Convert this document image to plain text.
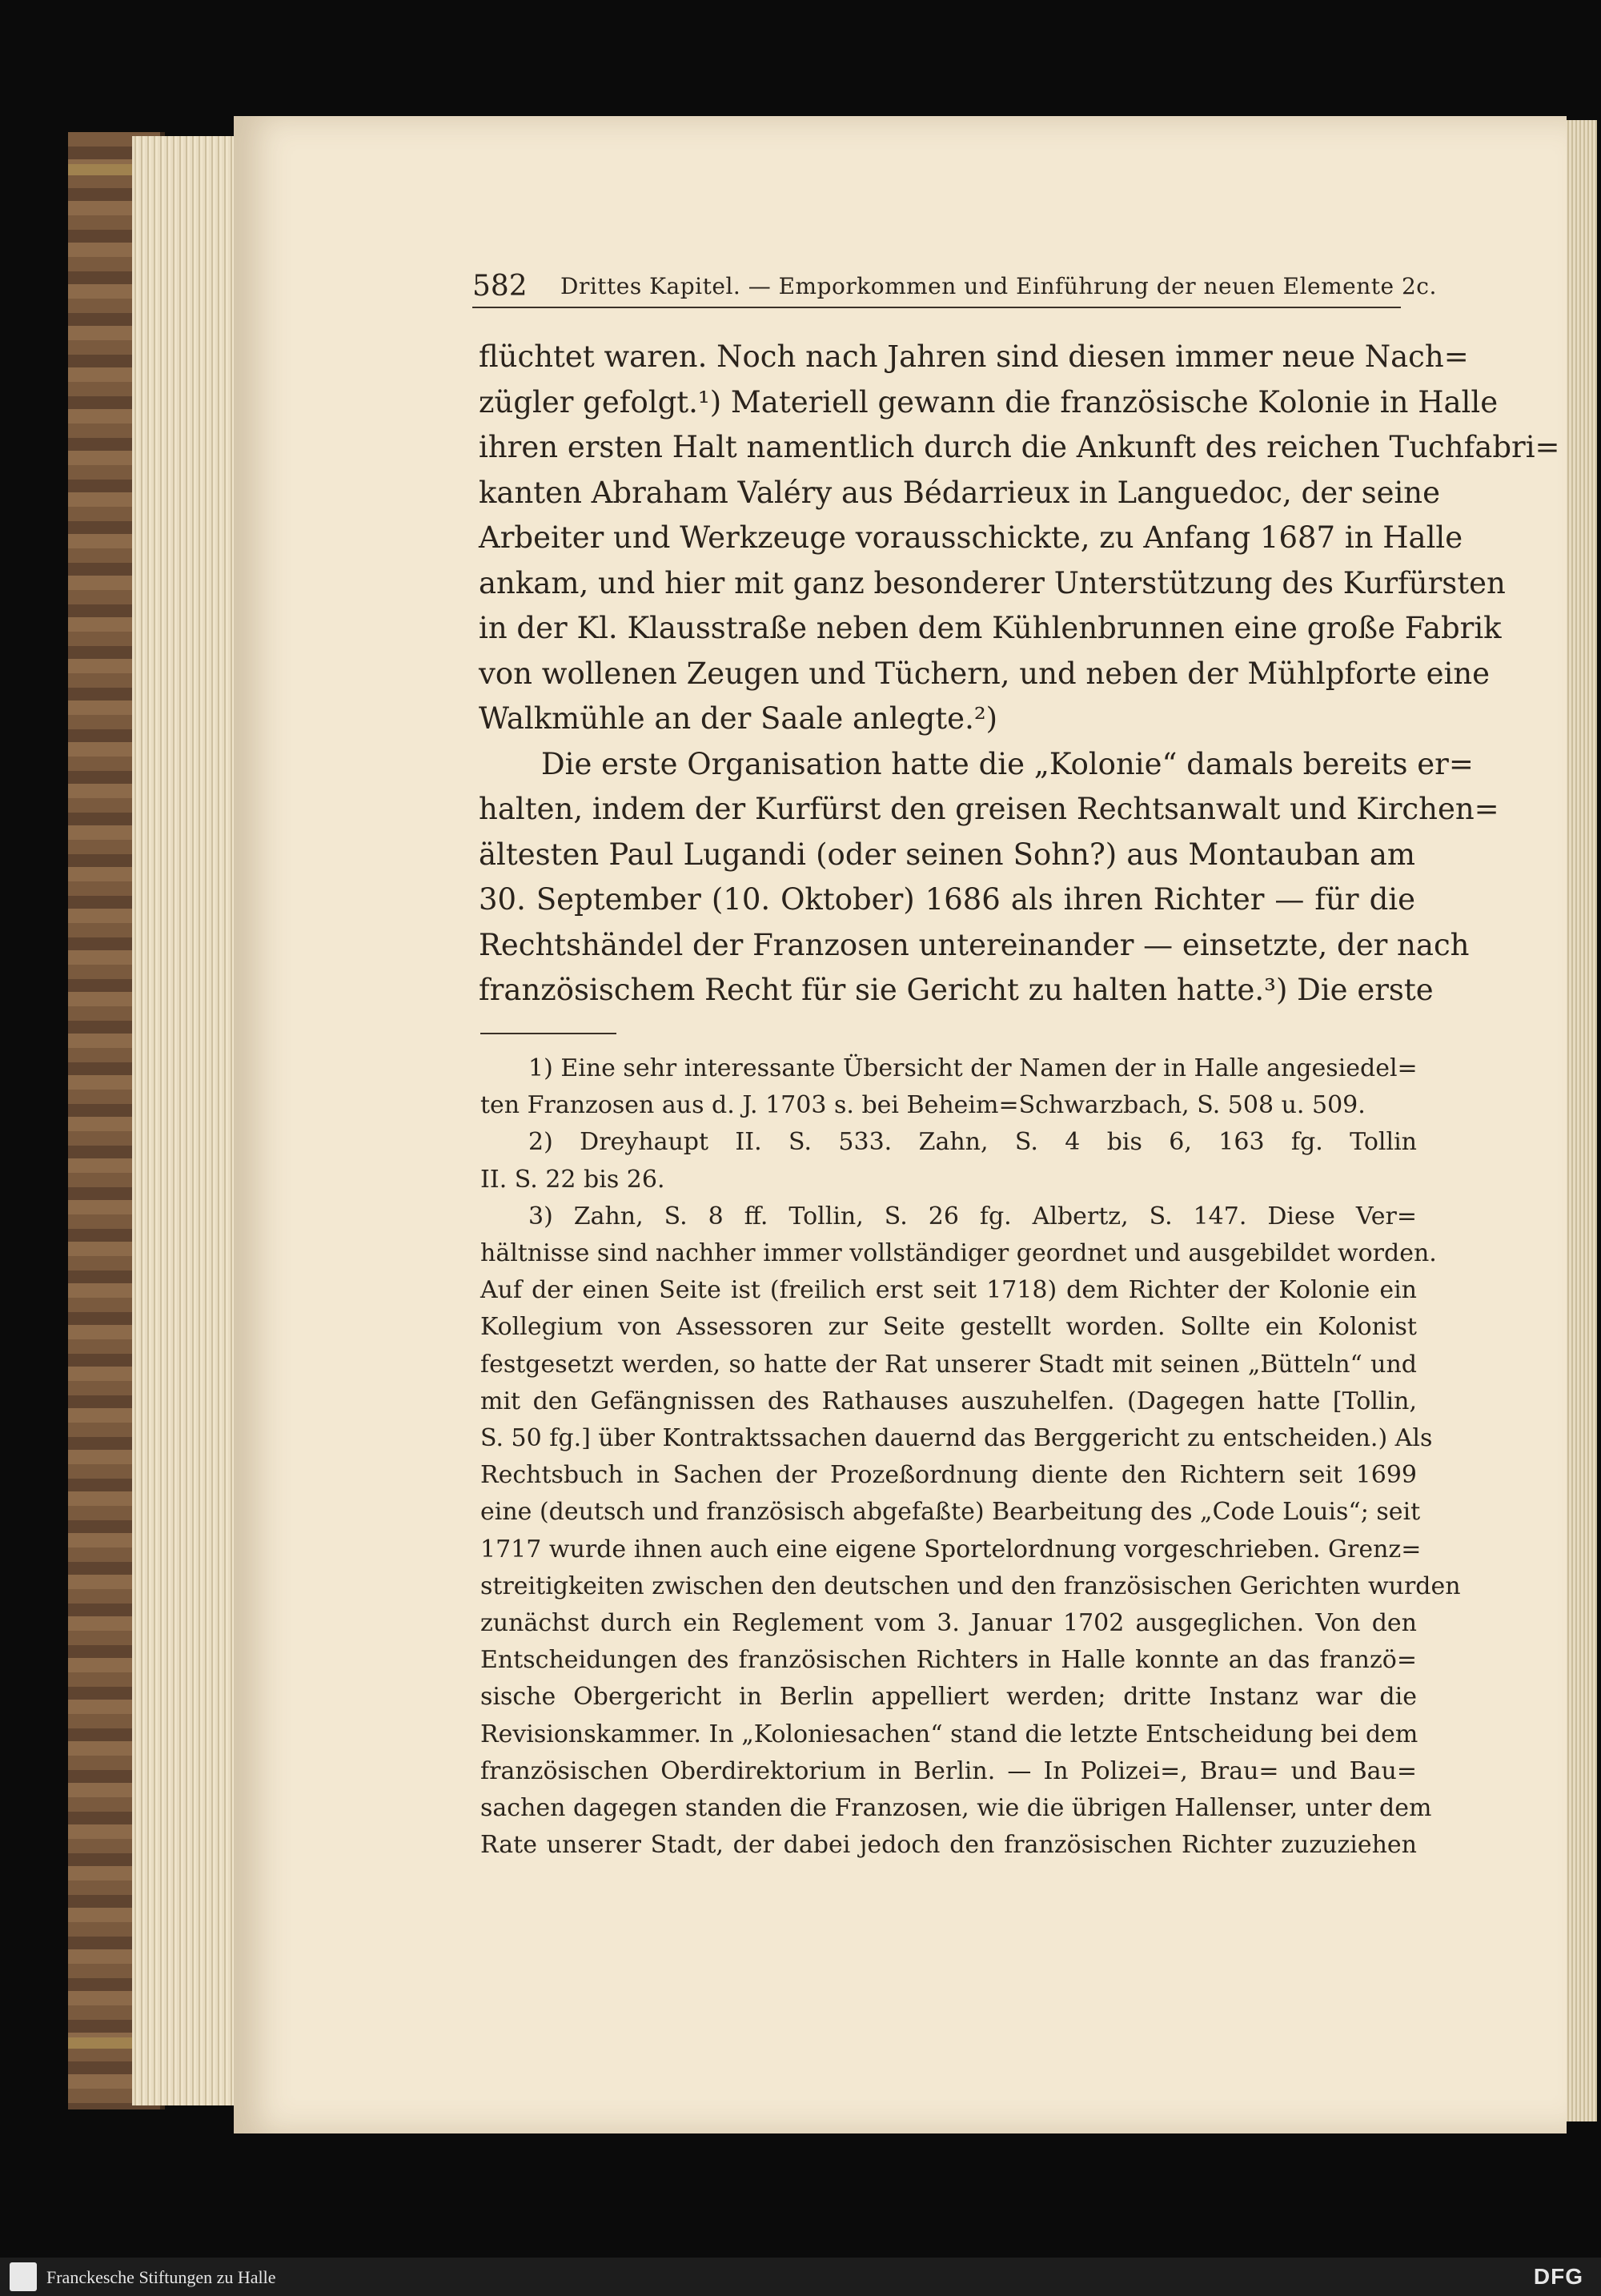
582 Drittes Kapitel. — Emporkommen und Einführung der neuen Elemente 2c.

flüchtet waren. Noch nach Jahren sind diesen immer neue Nach=
zügler gefolgt.¹) Materiell gewann die französische Kolonie in Halle
ihren ersten Halt namentlich durch die Ankunft des reichen Tuchfabri=
kanten Abraham Valéry aus Bédarrieux in Languedoc, der seine
Arbeiter und Werkzeuge vorausschickte, zu Anfang 1687 in Halle
ankam, und hier mit ganz besonderer Unterstützung des Kurfürsten
in der Kl. Klausstraße neben dem Kühlenbrunnen eine große Fabrik
von wollenen Zeugen und Tüchern, und neben der Mühlpforte eine
Walkmühle an der Saale anlegte.²)

Die erste Organisation hatte die „Kolonie“ damals bereits er=
halten, indem der Kurfürst den greisen Rechtsanwalt und Kirchen=
ältesten Paul Lugandi (oder seinen Sohn?) aus Montauban am
30. September (10. Oktober) 1686 als ihren Richter — für die
Rechtshändel der Franzosen untereinander — einsetzte, der nach
französischem Recht für sie Gericht zu halten hatte.³) Die erste

1) Eine sehr interessante Übersicht der Namen der in Halle angesiedel=
ten Franzosen aus d. J. 1703 s. bei Beheim=Schwarzbach, S. 508 u. 509.
2) Dreyhaupt II. S. 533. Zahn, S. 4 bis 6, 163 fg. Tollin
II. S. 22 bis 26.
3) Zahn, S. 8 ff. Tollin, S. 26 fg. Albertz, S. 147. Diese Ver=
hältnisse sind nachher immer vollständiger geordnet und ausgebildet worden.
Auf der einen Seite ist (freilich erst seit 1718) dem Richter der Kolonie ein
Kollegium von Assessoren zur Seite gestellt worden. Sollte ein Kolonist
festgesetzt werden, so hatte der Rat unserer Stadt mit seinen „Bütteln“ und
mit den Gefängnissen des Rathauses auszuhelfen. (Dagegen hatte [Tollin,
S. 50 fg.] über Kontraktssachen dauernd das Berggericht zu entscheiden.) Als
Rechtsbuch in Sachen der Prozeßordnung diente den Richtern seit 1699
eine (deutsch und französisch abgefaßte) Bearbeitung des „Code Louis“; seit
1717 wurde ihnen auch eine eigene Sportelordnung vorgeschrieben. Grenz=
streitigkeiten zwischen den deutschen und den französischen Gerichten wurden
zunächst durch ein Reglement vom 3. Januar 1702 ausgeglichen. Von den
Entscheidungen des französischen Richters in Halle konnte an das franzö=
sische Obergericht in Berlin appelliert werden; dritte Instanz war die
Revisionskammer. In „Koloniesachen“ stand die letzte Entscheidung bei dem
französischen Oberdirektorium in Berlin. — In Polizei=, Brau= und Bau=
sachen dagegen standen die Franzosen, wie die übrigen Hallenser, unter dem
Rate unserer Stadt, der dabei jedoch den französischen Richter zuzuziehen
Franckesche Stiftungen zu Halle	DFG
